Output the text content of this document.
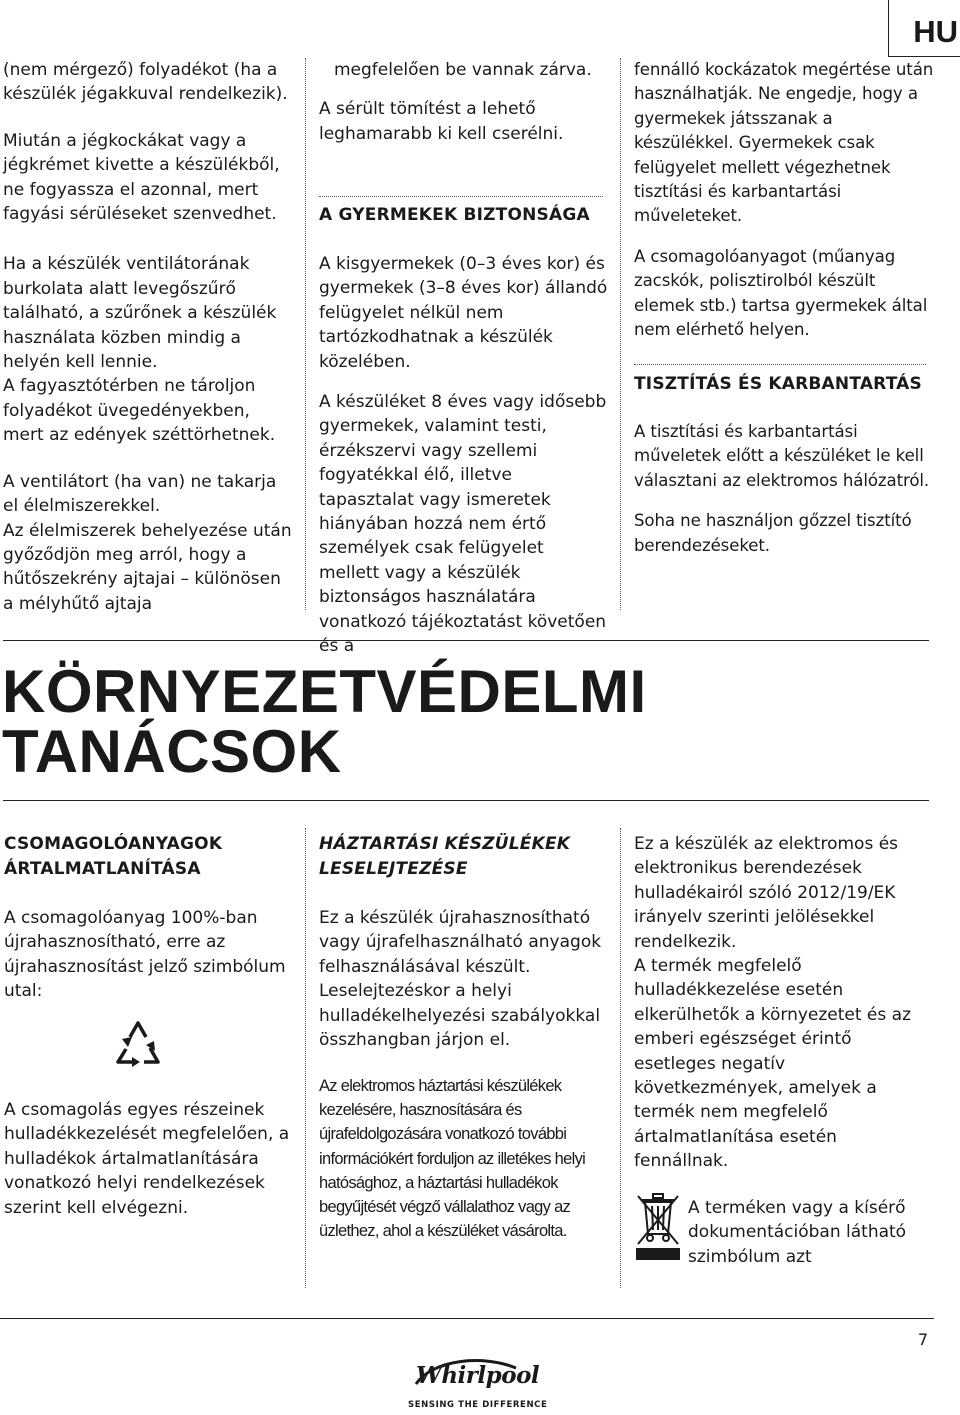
HU

(nem mérgező) folyadékot (ha a készülék jégakkuval rendelkezik).

Miután a jégkockákat vagy a jégkrémet kivette a készülékből, ne fogyassza el azonnal, mert fagyási sérüléseket szenvedhet.

Ha a készülék ventilátorának burkolata alatt levegőszűrő található, a szűrőnek a készülék használata közben mindig a helyén kell lennie.

A fagyasztótérben ne tároljon folyadékot üvegedényekben, mert az edények széttörhetnek.

A ventilátort (ha van) ne takarja el élelmiszerekkel.

Az élelmiszerek behelyezése után győződjön meg arról, hogy a hűtőszekrény ajtajai – különösen a mélyhűtő ajtaja

megfelelően be vannak zárva.

A sérült tömítést a lehető leghamarabb ki kell cserélni.

A GYERMEKEK BIZTONSÁGA

A kisgyermekek (0–3 éves kor) és gyermekek (3–8 éves kor) állandó felügyelet nélkül nem tartózkodhatnak a készülék közelében.

A készüléket 8 éves vagy idősebb gyermekek, valamint testi, érzékszervi vagy szellemi fogyatékkal élő, illetve tapasztalat vagy ismeretek hiányában hozzá nem értő személyek csak felügyelet mellett vagy a készülék biztonságos használatára vonatkozó tájékoztatást követően és a

fennálló kockázatok megértése után használhatják. Ne engedje, hogy a gyermekek játsszanak a készülékkel. Gyermekek csak felügyelet mellett végezhetnek tisztítási és karbantartási műveleteket.

A csomagolóanyagot (műanyag zacskók, polisztirolból készült elemek stb.) tartsa gyermekek által nem elérhető helyen.

TISZTÍTÁS ÉS KARBANTARTÁS

A tisztítási és karbantartási műveletek előtt a készüléket le kell választani az elektromos hálózatról.

Soha ne használjon gőzzel tisztító berendezéseket.

KÖRNYEZETVÉDELMI
TANÁCSOK
CSOMAGOLÓANYAGOK ÁRTALMATLANÍTÁSA

A csomagolóanyag 100%-ban újrahasznosítható, erre az újrahasznosítást jelző szimbólum utal:

A csomagolás egyes részeinek hulladékkezelését megfelelően, a hulladékok ártalmatlanítására vonatkozó helyi rendelkezések szerint kell elvégezni.

HÁZTARTÁSI KÉSZÜLÉKEK LESELEJTEZÉSE

Ez a készülék újrahasznosítható vagy újrafelhasználható anyagok felhasználásával készült. Leselejtezéskor a helyi hulladékelhelyezési szabályokkal összhangban járjon el.

Az elektromos háztartási készülékek kezelésére, hasznosítására és újrafeldolgozására vonatkozó további információkért forduljon az illetékes helyi hatósághoz, a háztartási hulladékok begyűjtését végző vállalathoz vagy az üzlethez, ahol a készüléket vásárolta.

Ez a készülék az elektromos és elektronikus berendezések hulladékairól szóló 2012/19/EK irányelv szerinti jelölésekkel rendelkezik.

A termék megfelelő hulladékkezelése esetén elkerülhetők a környezetet és az emberi egészséget érintő esetleges negatív következmények, amelyek a termék nem megfelelő ártalmatlanítása esetén fennállnak.

A terméken vagy a kísérő dokumentációban látható szimbólum azt

7
Whirlpool
SENSING THE DIFFERENCE
